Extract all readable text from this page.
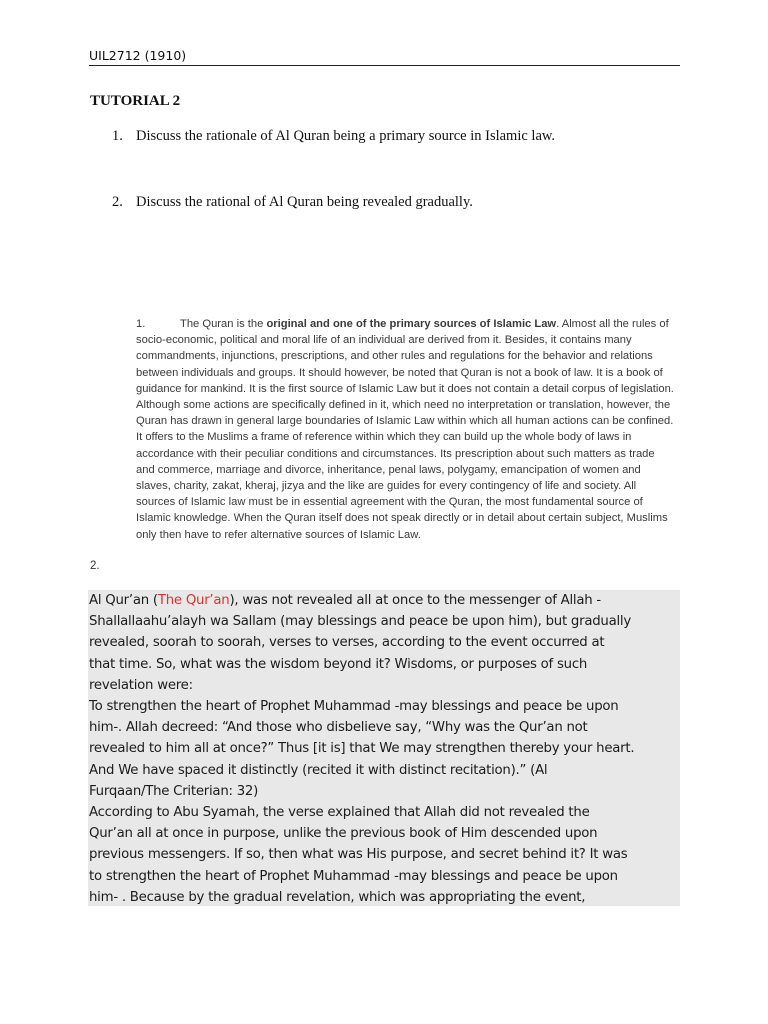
UIL2712 (1910)
TUTORIAL 2
1. Discuss the rationale of Al Quran being a primary source in Islamic law.
2. Discuss the rational of Al Quran being revealed gradually.
1.	The Quran is the original and one of the primary sources of Islamic Law. Almost all the rules of socio-economic, political and moral life of an individual are derived from it. Besides, it contains many commandments, injunctions, prescriptions, and other rules and regulations for the behavior and relations between individuals and groups. It should however, be noted that Quran is not a book of law. It is a book of guidance for mankind. It is the first source of Islamic Law but it does not contain a detail corpus of legislation. Although some actions are specifically defined in it, which need no interpretation or translation, however, the Quran has drawn in general large boundaries of Islamic Law within which all human actions can be confined. It offers to the Muslims a frame of reference within which they can build up the whole body of laws in accordance with their peculiar conditions and circumstances. Its prescription about such matters as trade and commerce, marriage and divorce, inheritance, penal laws, polygamy, emancipation of women and slaves, charity, zakat, kheraj, jizya and the like are guides for every contingency of life and society. All sources of Islamic law must be in essential agreement with the Quran, the most fundamental source of Islamic knowledge. When the Quran itself does not speak directly or in detail about certain subject, Muslims only then have to refer alternative sources of Islamic Law.
2.
Al Qur’an (The Qur’an), was not revealed all at once to the messenger of Allah -
Shallallaahu’alayh wa Sallam (may blessings and peace be upon him), but gradually
revealed, soorah to soorah, verses to verses, according to the event occurred at
that time. So, what was the wisdom beyond it? Wisdoms, or purposes of such
revelation were:
To strengthen the heart of Prophet Muhammad -may blessings and peace be upon
him-. Allah decreed: “And those who disbelieve say, “Why was the Qur’an not
revealed to him all at once?” Thus [it is] that We may strengthen thereby your heart.
And We have spaced it distinctly (recited it with distinct recitation).” (Al
Furqaan/The Criterian: 32)
According to Abu Syamah, the verse explained that Allah did not revealed the
Qur’an all at once in purpose, unlike the previous book of Him descended upon
previous messengers. If so, then what was His purpose, and secret behind it? It was
to strengthen the heart of Prophet Muhammad -may blessings and peace be upon
him- . Because by the gradual revelation, which was appropriating the event,
